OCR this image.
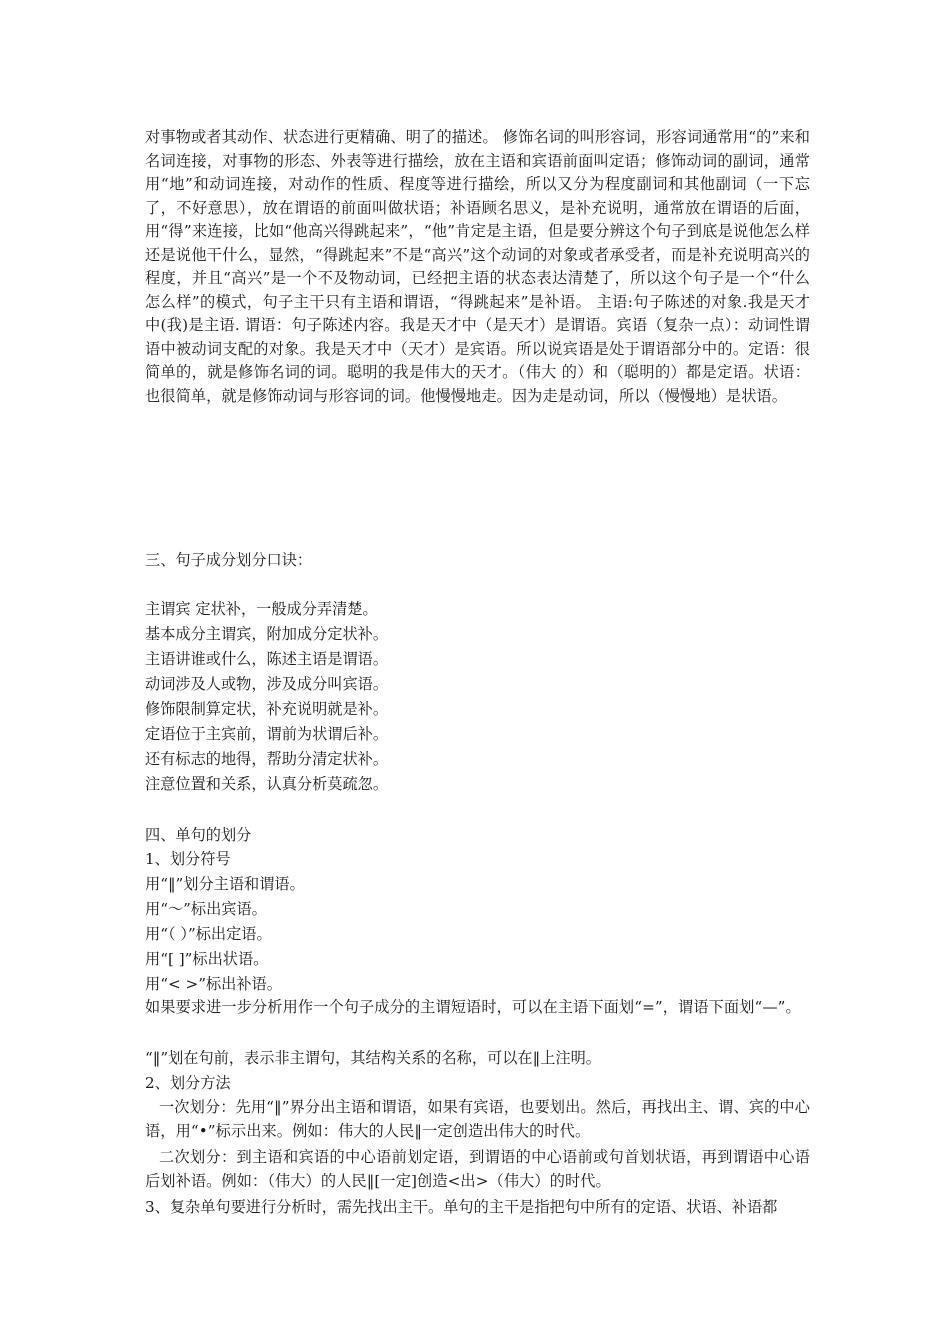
对事物或者其动作、状态进行更精确、明了的描述。 修饰名词的叫形容词，形容词通常用“的”来和名词连接，对事物的形态、外表等进行描绘，放在主语和宾语前面叫定语；修饰动词的副词，通常用“地”和动词连接，对动作的性质、程度等进行描绘，所以又分为程度副词和其他副词（一下忘了，不好意思），放在谓语的前面叫做状语；补语顾名思义，是补充说明，通常放在谓语的后面，用“得”来连接，比如“他高兴得跳起来”，“他”肯定是主语，但是要分辨这个句子到底是说他怎么样还是说他干什么，显然，“得跳起来”不是“高兴”这个动词的对象或者承受者，而是补充说明高兴的程度，并且“高兴”是一个不及物动词，已经把主语的状态表达清楚了，所以这个句子是一个“什么怎么样”的模式，句子主干只有主语和谓语，“得跳起来”是补语。 主语:句子陈述的对象.我是天才中(我)是主语. 谓语：句子陈述内容。我是天才中（是天才）是谓语。宾语（复杂一点）：动词性谓语中被动词支配的对象。我是天才中（天才）是宾语。所以说宾语是处于谓语部分中的。定语：很简单的，就是修饰名词的词。聪明的我是伟大的天才。（伟大 的）和（聪明的）都是定语。状语：也很简单，就是修饰动词与形容词的词。他慢慢地走。因为走是动词，所以（慢慢地）是状语。

三、句子成分划分口诀：

主谓宾 定状补，一般成分弄清楚。

基本成分主谓宾，附加成分定状补。

主语讲谁或什么，陈述主语是谓语。

动词涉及人或物，涉及成分叫宾语。

修饰限制算定状，补充说明就是补。

定语位于主宾前，谓前为状谓后补。

还有标志的地得，帮助分清定状补。

注意位置和关系，认真分析莫疏忽。

四、单句的划分

1、划分符号

用“‖”划分主语和谓语。

用“～”标出宾语。

用“（ ）”标出定语。

用“[ ]”标出状语。

用“< >”标出补语。

如果要求进一步分析用作一个句子成分的主谓短语时，可以在主语下面划“=”，谓语下面划“—”。

“‖”划在句前，表示非主谓句，其结构关系的名称，可以在‖上注明。

2、划分方法

一次划分：先用“‖”界分出主语和谓语，如果有宾语，也要划出。然后，再找出主、谓、宾的中心语，用“•”标示出来。例如：伟大的人民‖一定创造出伟大的时代。

二次划分：到主语和宾语的中心语前划定语，到谓语的中心语前或句首划状语，再到谓语中心语后划补语。例如：（伟大）的人民‖[一定]创造<出>（伟大）的时代。

3、复杂单句要进行分析时，需先找出主干。单句的主干是指把句中所有的定语、状语、补语都
